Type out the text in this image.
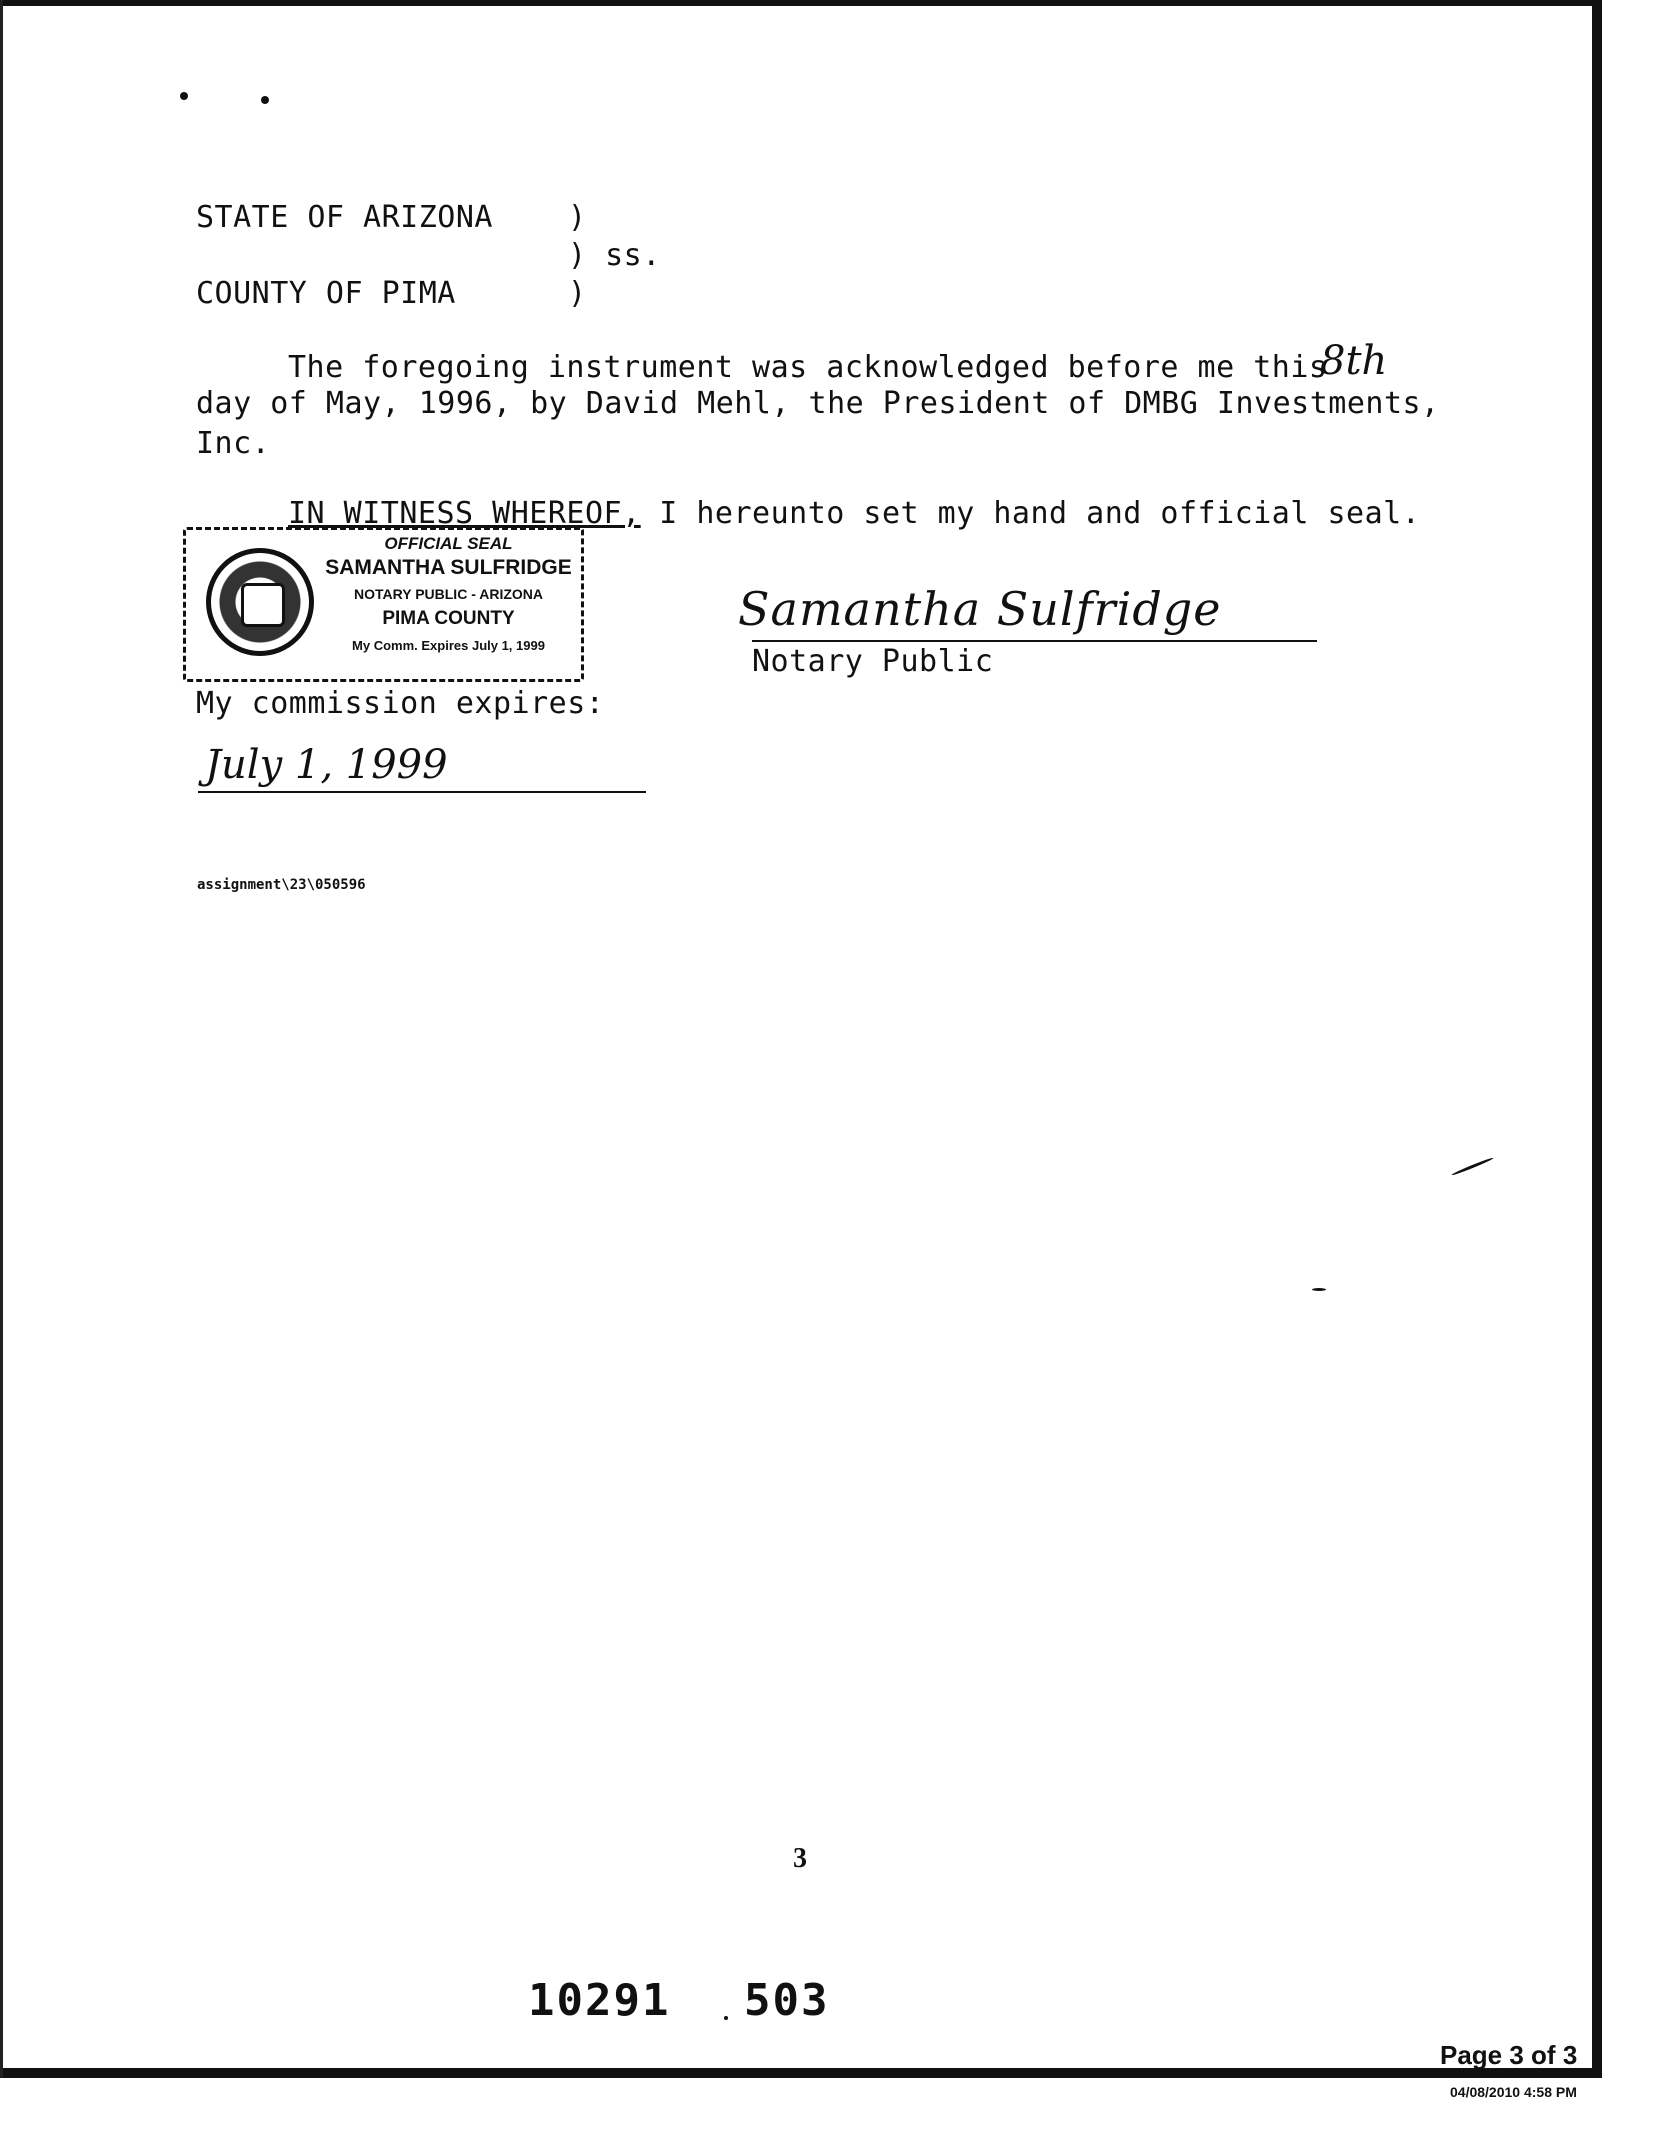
STATE OF ARIZONA	)
) ss.
COUNTY OF PIMA	)
The foregoing instrument was acknowledged before me this
8th
day of May, 1996, by David Mehl, the President of DMBG Investments,
Inc.
IN WITNESS WHEREOF, I hereunto set my hand and official seal.
OFFICIAL SEAL
SAMANTHA SULFRIDGE
NOTARY PUBLIC - ARIZONA
PIMA COUNTY
My Comm. Expires July 1, 1999
Samantha Sulfridge
Notary Public
My commission expires:
July 1, 1999
assignment\23\050596
3
10291 503
Page 3 of 3
04/08/2010 4:58 PM
